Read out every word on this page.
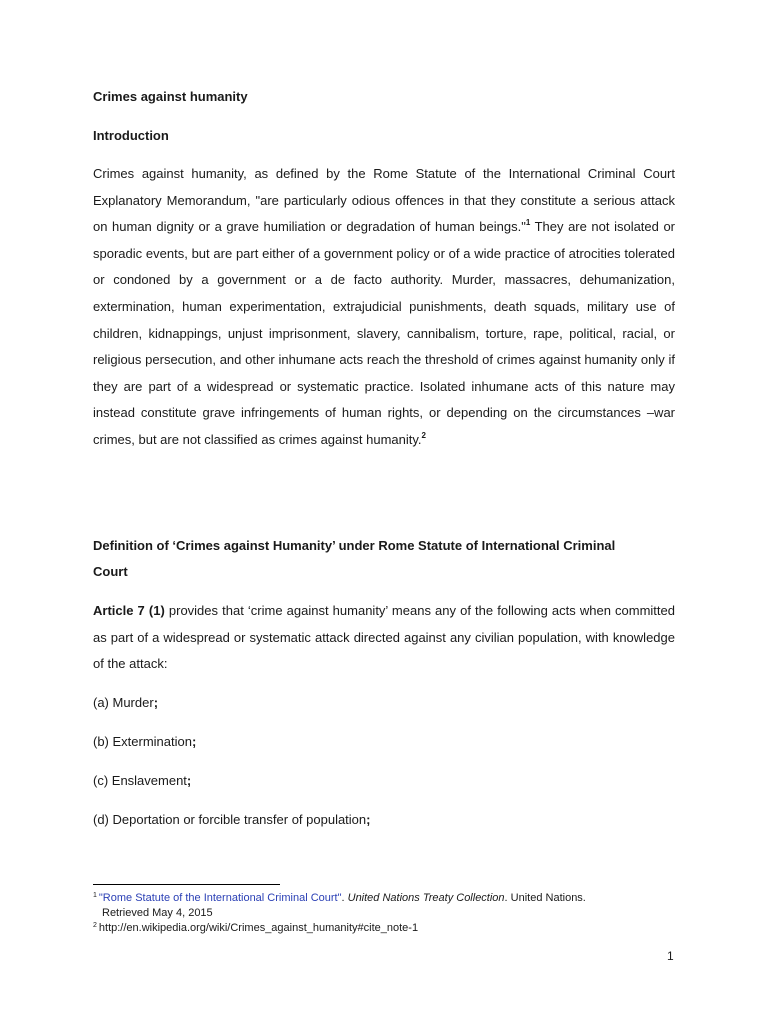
Crimes against humanity
Introduction
Crimes against humanity, as defined by the Rome Statute of the International Criminal Court Explanatory Memorandum, "are particularly odious offences in that they constitute a serious attack on human dignity or a grave humiliation or degradation of human beings."$^1$ They are not isolated or sporadic events, but are part either of a government policy or of a wide practice of atrocities tolerated or condoned by a government or a de facto authority. Murder, massacres, dehumanization, extermination, human experimentation, extrajudicial punishments, death squads, military use of children, kidnappings, unjust imprisonment, slavery, cannibalism, torture, rape, political, racial, or religious persecution, and other inhumane acts reach the threshold of crimes against humanity only if they are part of a widespread or systematic practice. Isolated inhumane acts of this nature may instead constitute grave infringements of human rights, or depending on the circumstances –war crimes, but are not classified as crimes against humanity.$^2$
Definition of ‘Crimes against Humanity’ under Rome Statute of International Criminal
Court
Article 7 (1) provides that ‘crime against humanity’ means any of the following acts when committed as part of a widespread or systematic attack directed against any civilian population, with knowledge of the attack:
(a) Murder;
(b) Extermination;
(c) Enslavement;
(d) Deportation or forcible transfer of population;
$^1$ "Rome Statute of the International Criminal Court". United Nations Treaty Collection. United Nations.
Retrieved May 4, 2015
$^2$ http://en.wikipedia.org/wiki/Crimes_against_humanity#cite_note-1
1
